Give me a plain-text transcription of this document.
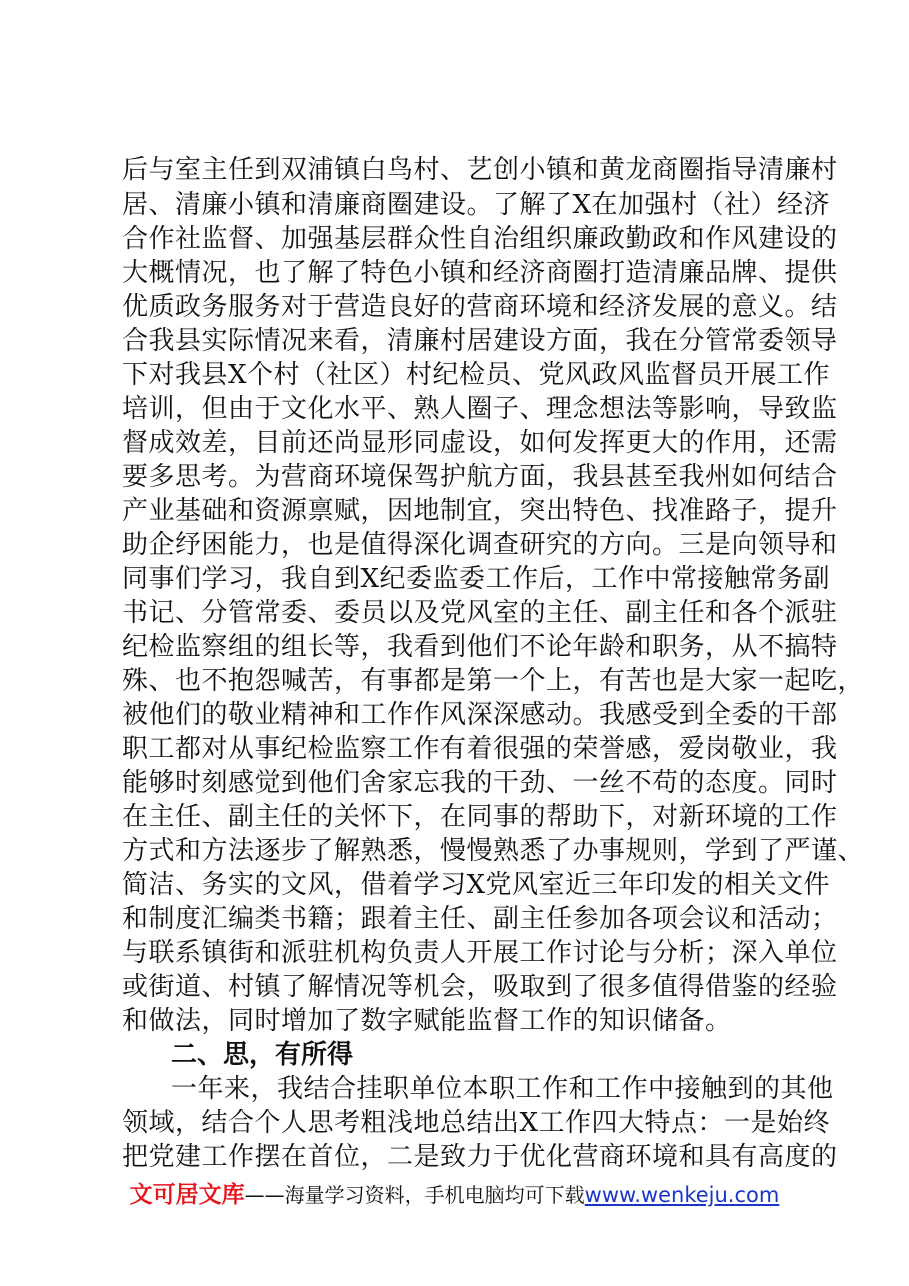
后与室主任到双浦镇白鸟村、艺创小镇和黄龙商圈指导清廉村
居、清廉小镇和清廉商圈建设。了解了X在加强村（社）经济
合作社监督、加强基层群众性自治组织廉政勤政和作风建设的
大概情况，也了解了特色小镇和经济商圈打造清廉品牌、提供
优质政务服务对于营造良好的营商环境和经济发展的意义。结
合我县实际情况来看，清廉村居建设方面，我在分管常委领导
下对我县X个村（社区）村纪检员、党风政风监督员开展工作
培训，但由于文化水平、熟人圈子、理念想法等影响，导致监
督成效差，目前还尚显形同虚设，如何发挥更大的作用，还需
要多思考。为营商环境保驾护航方面，我县甚至我州如何结合
产业基础和资源禀赋，因地制宜，突出特色、找准路子，提升
助企纾困能力，也是值得深化调查研究的方向。三是向领导和
同事们学习，我自到X纪委监委工作后，工作中常接触常务副
书记、分管常委、委员以及党风室的主任、副主任和各个派驻
纪检监察组的组长等，我看到他们不论年龄和职务，从不搞特
殊、也不抱怨喊苦，有事都是第一个上，有苦也是大家一起吃，
被他们的敬业精神和工作作风深深感动。我感受到全委的干部
职工都对从事纪检监察工作有着很强的荣誉感，爱岗敬业，我
能够时刻感觉到他们舍家忘我的干劲、一丝不苟的态度。同时
在主任、副主任的关怀下，在同事的帮助下，对新环境的工作
方式和方法逐步了解熟悉，慢慢熟悉了办事规则，学到了严谨、
简洁、务实的文风，借着学习X党风室近三年印发的相关文件
和制度汇编类书籍；跟着主任、副主任参加各项会议和活动；
与联系镇街和派驻机构负责人开展工作讨论与分析；深入单位
或街道、村镇了解情况等机会，吸取到了很多值得借鉴的经验
和做法，同时增加了数字赋能监督工作的知识储备。
二、思，有所得
一年来，我结合挂职单位本职工作和工作中接触到的其他
领域，结合个人思考粗浅地总结出X工作四大特点：一是始终
把党建工作摆在首位，二是致力于优化营商环境和具有高度的
文可居文库——海量学习资料，手机电脑均可下载www.wenkeju.com
